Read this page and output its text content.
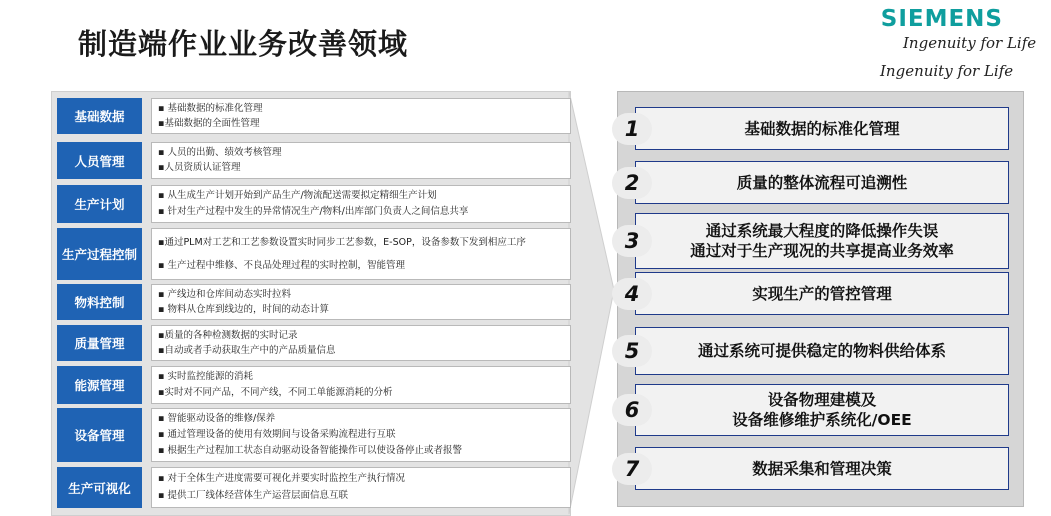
制造端作业业务改善领域
SIEMENS
Ingenuity for Life
Ingenuity for Life
基础数据
▪ 基础数据的标准化管理
▪基础数据的全面性管理
人员管理
▪ 人员的出勤、绩效考核管理
▪人员资质认证管理
生产计划
▪ 从生成生产计划开始到产品生产/物流配送需要拟定精细生产计划
▪ 针对生产过程中发生的异常情况生产/物料/出库部门负责人之间信息共享
生产过程控制
▪通过PLM对工艺和工艺参数设置实时同步工艺参数，E-SOP，设备参数下发到相应工序
▪ 生产过程中维修、不良品处理过程的实时控制，智能管理
物料控制
▪ 产线边和仓库间动态实时拉料
▪ 物料从仓库到线边的，时间的动态计算
质量管理
▪质量的各种检测数据的实时记录
▪自动或者手动获取生产中的产品质量信息
能源管理
▪ 实时监控能源的消耗
▪实时对不同产品，不同产线，不同工单能源消耗的分析
设备管理
▪ 智能驱动设备的维修/保养
▪ 通过管理设备的使用有效期间与设备采购流程进行互联
▪ 根据生产过程加工状态自动驱动设备智能操作可以使设备停止或者报警
生产可视化
▪ 对于全体生产进度需要可视化并要实时监控生产执行情况
▪ 提供工厂线体经营体生产运营层面信息互联
基础数据的标准化管理
1
质量的整体流程可追溯性
2
通过系统最大程度的降低操作失误
通过对于生产现况的共享提高业务效率
3
实现生产的管控管理
4
通过系统可提供稳定的物料供给体系
5
设备物理建模及
设备维修维护系统化/OEE
6
数据采集和管理决策
7
